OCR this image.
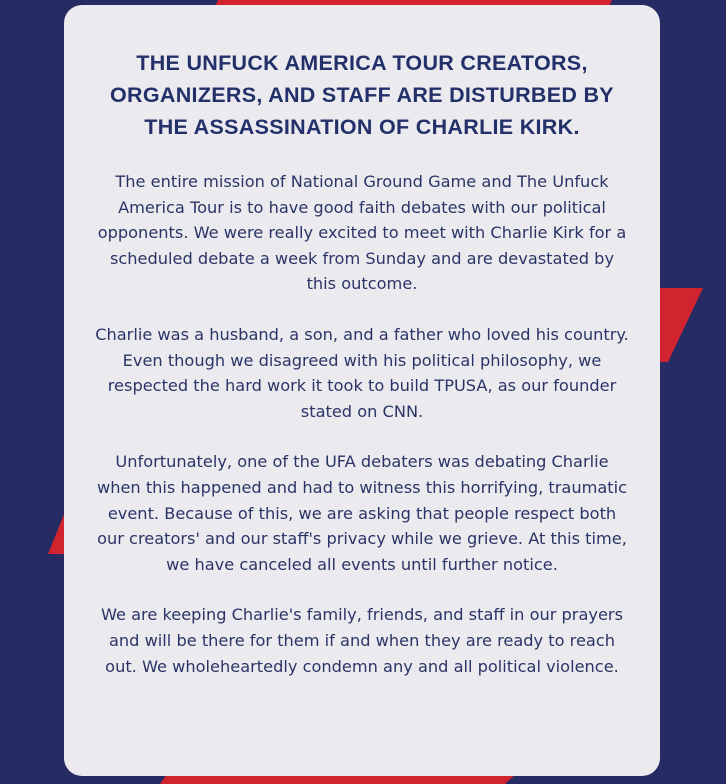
THE UNFUCK AMERICA TOUR CREATORS, ORGANIZERS, AND STAFF ARE DISTURBED BY THE ASSASSINATION OF CHARLIE KIRK.

The entire mission of National Ground Game and The Unfuck America Tour is to have good faith debates with our political opponents. We were really excited to meet with Charlie Kirk for a scheduled debate a week from Sunday and are devastated by this outcome.

Charlie was a husband, a son, and a father who loved his country. Even though we disagreed with his political philosophy, we respected the hard work it took to build TPUSA, as our founder stated on CNN.

Unfortunately, one of the UFA debaters was debating Charlie when this happened and had to witness this horrifying, traumatic event. Because of this, we are asking that people respect both our creators' and our staff's privacy while we grieve. At this time, we have canceled all events until further notice.

We are keeping Charlie's family, friends, and staff in our prayers and will be there for them if and when they are ready to reach out. We wholeheartedly condemn any and all political violence.
